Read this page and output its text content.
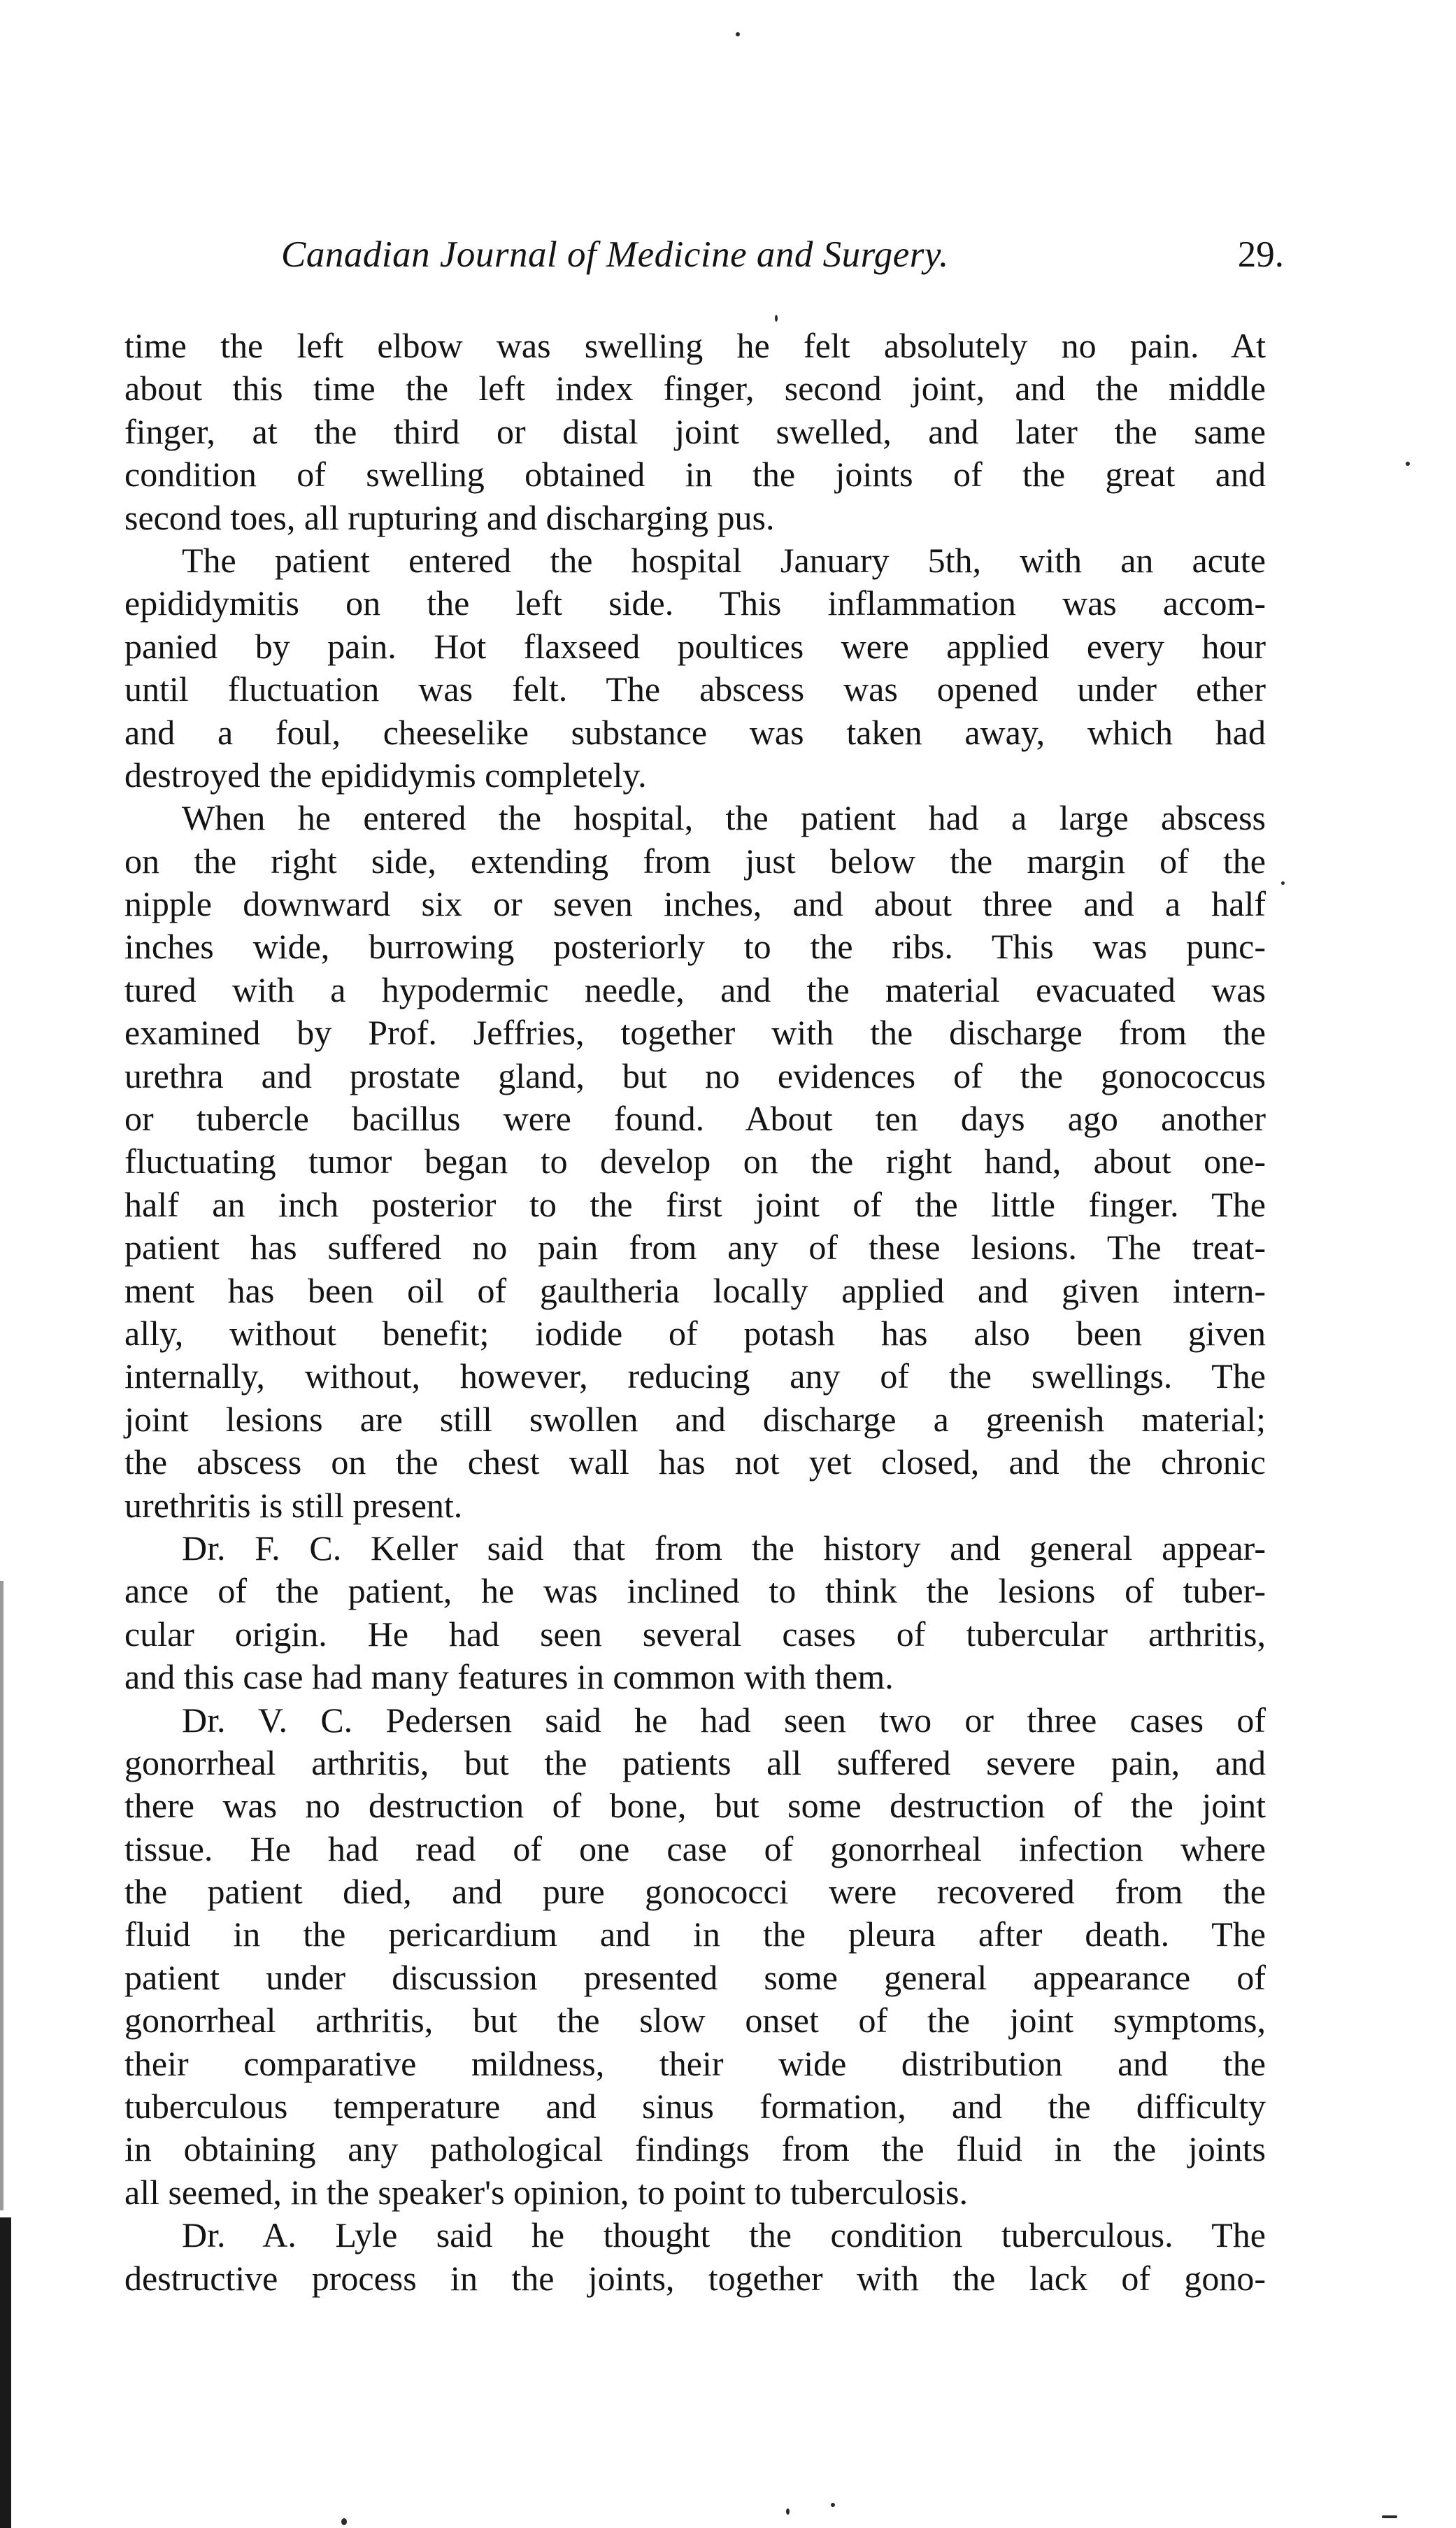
Canadian Journal of Medicine and Surgery.	29.
time the left elbow was swelling he felt absolutely no pain. At
about this time the left index finger, second joint, and the middle
finger, at the third or distal joint swelled, and later the same
condition of swelling obtained in the joints of the great and
second toes, all rupturing and discharging pus.
The patient entered the hospital January 5th, with an acute
epididymitis on the left side. This inflammation was accom-
panied by pain. Hot flaxseed poultices were applied every hour
until fluctuation was felt. The abscess was opened under ether
and a foul, cheeselike substance was taken away, which had
destroyed the epididymis completely.
When he entered the hospital, the patient had a large abscess
on the right side, extending from just below the margin of the
nipple downward six or seven inches, and about three and a half
inches wide, burrowing posteriorly to the ribs. This was punc-
tured with a hypodermic needle, and the material evacuated was
examined by Prof. Jeffries, together with the discharge from the
urethra and prostate gland, but no evidences of the gonococcus
or tubercle bacillus were found. About ten days ago another
fluctuating tumor began to develop on the right hand, about one-
half an inch posterior to the first joint of the little finger. The
patient has suffered no pain from any of these lesions. The treat-
ment has been oil of gaultheria locally applied and given intern-
ally, without benefit; iodide of potash has also been given
internally, without, however, reducing any of the swellings. The
joint lesions are still swollen and discharge a greenish material;
the abscess on the chest wall has not yet closed, and the chronic
urethritis is still present.
Dr. F. C. Keller said that from the history and general appear-
ance of the patient, he was inclined to think the lesions of tuber-
cular origin. He had seen several cases of tubercular arthritis,
and this case had many features in common with them.
Dr. V. C. Pedersen said he had seen two or three cases of
gonorrheal arthritis, but the patients all suffered severe pain, and
there was no destruction of bone, but some destruction of the joint
tissue. He had read of one case of gonorrheal infection where
the patient died, and pure gonococci were recovered from the
fluid in the pericardium and in the pleura after death. The
patient under discussion presented some general appearance of
gonorrheal arthritis, but the slow onset of the joint symptoms,
their comparative mildness, their wide distribution and the
tuberculous temperature and sinus formation, and the difficulty
in obtaining any pathological findings from the fluid in the joints
all seemed, in the speaker's opinion, to point to tuberculosis.
Dr. A. Lyle said he thought the condition tuberculous. The
destructive process in the joints, together with the lack of gono-
